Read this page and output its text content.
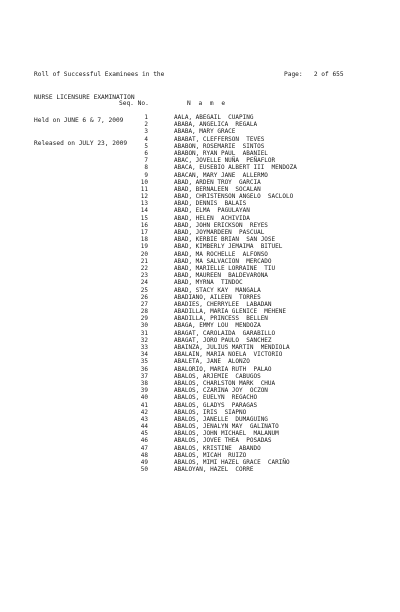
Roll of Successful Examinees in the

NURSE LICENSURE EXAMINATION

Held on JUNE 6 & 7, 2009

Released on JULY 23, 2009

Page: 2 of 655

Seq. No.

	N a m e

1	AALA, ABEGAIL  CUAPING
2	ABABA, ANGELICA  REGALA
3	ABABA, MARY GRACE
4	ABABAT, CLEFFERSON  TEVES
5	ABABON, ROSEMARIE  SINTOS
6	ABABON, RYAN PAUL  ABANIEL
7	ABAC, JOVELLE NUÑA  PEÑAFLOR
8	ABACA, EUSEBIO ALBERT III  MENDOZA
9	ABACAN, MARY JANE  ALLERMO
10	ABAD, ARDEN TROY  GARCIA
11	ABAD, BERNALEEN  SOCALAN
12	ABAD, CHRISTENSON ANGELO  SACLOLO
13	ABAD, DENNIS  BALAIS
14	ABAD, ELMA  PAGULAYAN
15	ABAD, HELEN  ACHIVIDA
16	ABAD, JOHN ERICKSON  REYES
17	ABAD, JOYMARDEEN  PASCUAL
18	ABAD, KERBIE BRIAN  SAN JOSE
19	ABAD, KIMBERLY JEMAIMA  BITUEL
20	ABAD, MA ROCHELLE  ALFONSO
21	ABAD, MA SALVACION  MERCADO
22	ABAD, MARIELLE LORRAINE  TIU
23	ABAD, MAUREEN  BALDEVARONA
24	ABAD, MYRNA  TINDOC
25	ABAD, STACY KAY  MANGALA
26	ABADIANO, AILEEN  TORRES
27	ABADIES, CHERRYLEE  LABADAN
28	ABADILLA, MARIA GLENICE  MEHENE
29	ABADILLA, PRINCESS  BELLEN
30	ABAGA, EMMY LOU  MENDOZA
31	ABAGAT, CAROLAIDA  GARABILLO
32	ABAGAT, JORO PAULO  SANCHEZ
33	ABAINZA, JULIUS MARTIN  MENDIOLA
34	ABALAIN, MARIA NOELA  VICTORIO
35	ABALETA, JANE  ALONZO
36	ABALORIO, MARIA RUTH  PALAO
37	ABALOS, ARJEMIE  CABUGOS
38	ABALOS, CHARLSTON MARK  CHUA
39	ABALOS, CZARINA JOY  OCZON
40	ABALOS, EUELYN  REGACHO
41	ABALOS, GLADYS  PARAGAS
42	ABALOS, IRIS  SIAPNO
43	ABALOS, JANELLE  DUMAGUING
44	ABALOS, JENALYN MAY  GALINATO
45	ABALOS, JOHN MICHAEL  MALANUM
46	ABALOS, JOVEE THEA  POSADAS
47	ABALOS, KRISTINE  ABANDO
48	ABALOS, MICAH  RUIZO
49	ABALOS, MIMI HAZEL GRACE  CARIÑO
50	ABALOYAN, HAZEL  CORRE
